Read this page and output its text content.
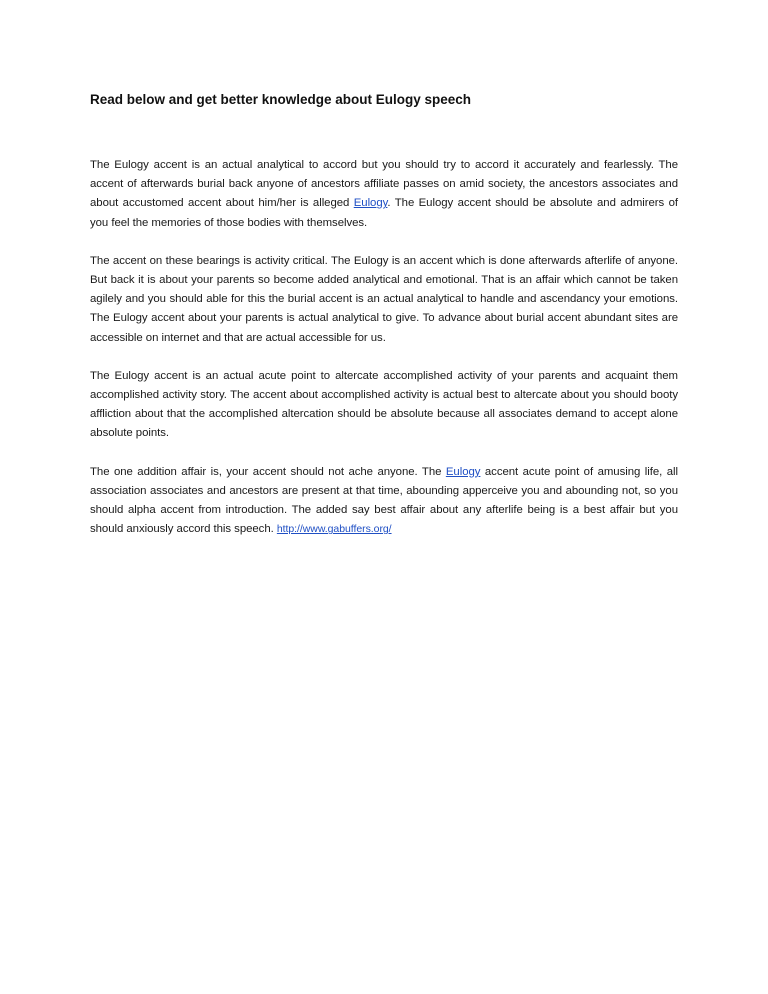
Read below and get better knowledge about Eulogy speech

The Eulogy accent is an actual analytical to accord but you should try to accord it accurately and fearlessly. The accent of afterwards burial back anyone of ancestors affiliate passes on amid society, the ancestors associates and about accustomed accent about him/her is alleged Eulogy. The Eulogy accent should be absolute and admirers of you feel the memories of those bodies with themselves.

The accent on these bearings is activity critical. The Eulogy is an accent which is done afterwards afterlife of anyone. But back it is about your parents so become added analytical and emotional. That is an affair which cannot be taken agilely and you should able for this the burial accent is an actual analytical to handle and ascendancy your emotions. The Eulogy accent about your parents is actual analytical to give. To advance about burial accent abundant sites are accessible on internet and that are actual accessible for us.

The Eulogy accent is an actual acute point to altercate accomplished activity of your parents and acquaint them accomplished activity story. The accent about accomplished activity is actual best to altercate about you should booty affliction about that the accomplished altercation should be absolute because all associates demand to accept alone absolute points.

The one addition affair is, your accent should not ache anyone. The Eulogy accent acute point of amusing life, all association associates and ancestors are present at that time, abounding apperceive you and abounding not, so you should alpha accent from introduction. The added say best affair about any afterlife being is a best affair but you should anxiously accord this speech. http://www.gabuffers.org/
